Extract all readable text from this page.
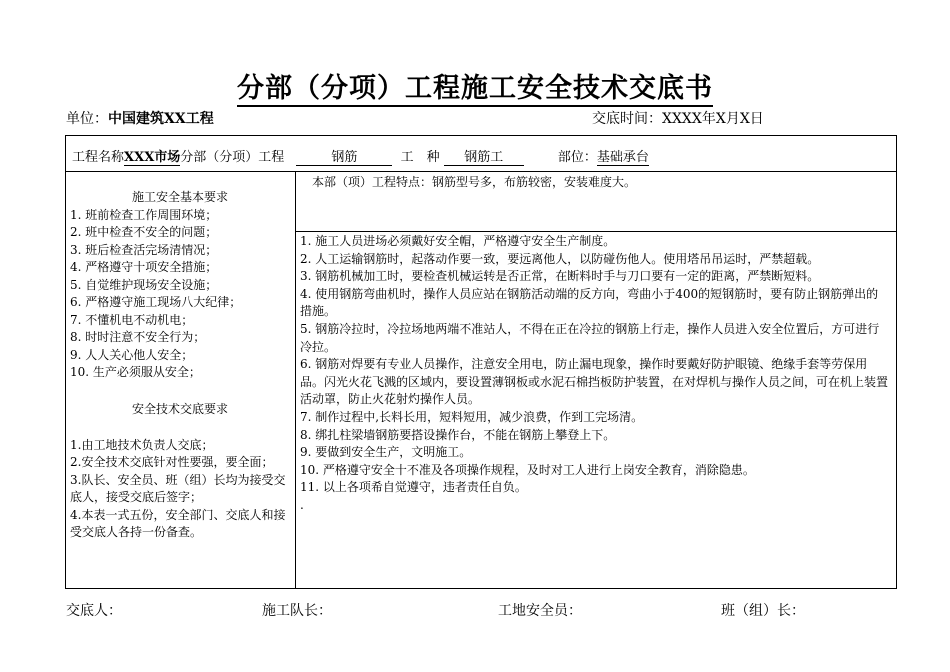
分部（分项）工程施工安全技术交底书
单位：中国建筑XX工程	交底时间：XXXX年X月X日
工程名称XXX市场分部（分项）工程	钢筋	工　种 钢筋工	部位：基础承台
施工安全基本要求
1. 班前检查工作周围环境；
2. 班中检查不安全的问题；
3. 班后检查活完场清情况；
4. 严格遵守十项安全措施；
5. 自觉维护现场安全设施；
6. 严格遵守施工现场八大纪律；
7. 不懂机电不动机电；
8. 时时注意不安全行为；
9. 人人关心他人安全；
10. 生产必须服从安全；
安全技术交底要求
1.由工地技术负责人交底；
2.安全技术交底针对性要强，要全面；
3.队长、安全员、班（组）长均为接受交底人，接受交底后签字；
4.本表一式五份，安全部门、交底人和接受交底人各持一份备查。
本部（项）工程特点：钢筋型号多，布筋较密，安装难度大。
1. 施工人员进场必须戴好安全帽，严格遵守安全生产制度。
2. 人工运输钢筋时，起落动作要一致，要远离他人，以防碰伤他人。使用塔吊吊运时，严禁超载。
3. 钢筋机械加工时，要检查机械运转是否正常，在断料时手与刀口要有一定的距离，严禁断短料。
4. 使用钢筋弯曲机时，操作人员应站在钢筋活动端的反方向，弯曲小于400的短钢筋时，要有防止钢筋弹出的措施。
5. 钢筋冷拉时，冷拉场地两端不准站人，不得在正在冷拉的钢筋上行走，操作人员进入安全位置后，方可进行冷拉。
6. 钢筋对焊要有专业人员操作，注意安全用电，防止漏电现象，操作时要戴好防护眼镜、绝缘手套等劳保用品。闪光火花飞溅的区域内，要设置薄钢板或水泥石棉挡板防护装置，在对焊机与操作人员之间，可在机上装置活动罩，防止火花射灼操作人员。
7. 制作过程中,长料长用，短料短用，减少浪费，作到工完场清。
8. 绑扎柱梁墙钢筋要搭设操作台，不能在钢筋上攀登上下。
9. 要做到安全生产，文明施工。
10. 严格遵守安全十不准及各项操作规程，及时对工人进行上岗安全教育，消除隐患。
11. 以上各项希自觉遵守，违者责任自负。
.
交底人：	施工队长：	工地安全员：	班（组）长：
